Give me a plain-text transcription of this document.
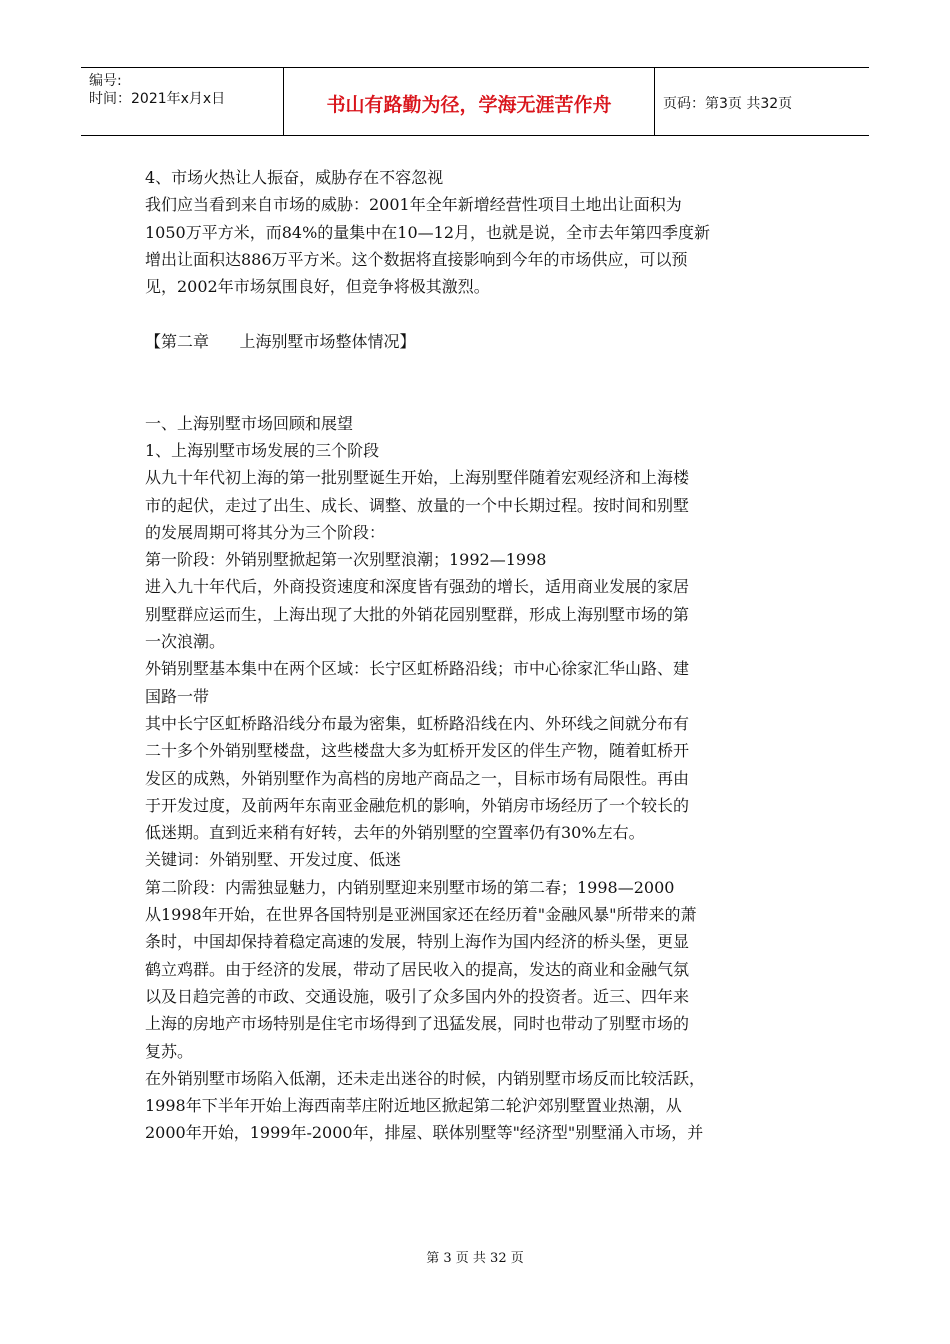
编号:
时间：2021年x月x日	书山有路勤为径，学海无涯苦作舟	页码：第3页 共32页
4、市场火热让人振奋，威胁存在不容忽视
我们应当看到来自市场的威胁：2001年全年新增经营性项目土地出让面积为
1050万平方米，而84%的量集中在10—12月，也就是说，全市去年第四季度新
增出让面积达886万平方米。这个数据将直接影响到今年的市场供应，可以预
见，2002年市场氛围良好，但竞争将极其激烈。
【第二章      上海别墅市场整体情况】
一、上海别墅市场回顾和展望
1、上海别墅市场发展的三个阶段
从九十年代初上海的第一批别墅诞生开始，上海别墅伴随着宏观经济和上海楼
市的起伏，走过了出生、成长、调整、放量的一个中长期过程。按时间和别墅
的发展周期可将其分为三个阶段：
第一阶段：外销别墅掀起第一次别墅浪潮；1992—1998
进入九十年代后，外商投资速度和深度皆有强劲的增长，适用商业发展的家居
别墅群应运而生，上海出现了大批的外销花园别墅群，形成上海别墅市场的第
一次浪潮。
外销别墅基本集中在两个区域：长宁区虹桥路沿线；市中心徐家汇华山路、建
国路一带
其中长宁区虹桥路沿线分布最为密集，虹桥路沿线在内、外环线之间就分布有
二十多个外销别墅楼盘，这些楼盘大多为虹桥开发区的伴生产物，随着虹桥开
发区的成熟，外销别墅作为高档的房地产商品之一，目标市场有局限性。再由
于开发过度，及前两年东南亚金融危机的影响，外销房市场经历了一个较长的
低迷期。直到近来稍有好转，去年的外销别墅的空置率仍有30%左右。
关键词：外销别墅、开发过度、低迷
第二阶段：内需独显魅力，内销别墅迎来别墅市场的第二春；1998—2000
从1998年开始，在世界各国特别是亚洲国家还在经历着"金融风暴"所带来的萧
条时，中国却保持着稳定高速的发展，特别上海作为国内经济的桥头堡，更显
鹤立鸡群。由于经济的发展，带动了居民收入的提高，发达的商业和金融气氛
以及日趋完善的市政、交通设施，吸引了众多国内外的投资者。近三、四年来
上海的房地产市场特别是住宅市场得到了迅猛发展，同时也带动了别墅市场的
复苏。
在外销别墅市场陷入低潮，还未走出迷谷的时候，内销别墅市场反而比较活跃，
1998年下半年开始上海西南莘庄附近地区掀起第二轮沪郊别墅置业热潮，从
2000年开始，1999年-2000年，排屋、联体别墅等"经济型"别墅涌入市场，并
第 3 页 共 32 页
